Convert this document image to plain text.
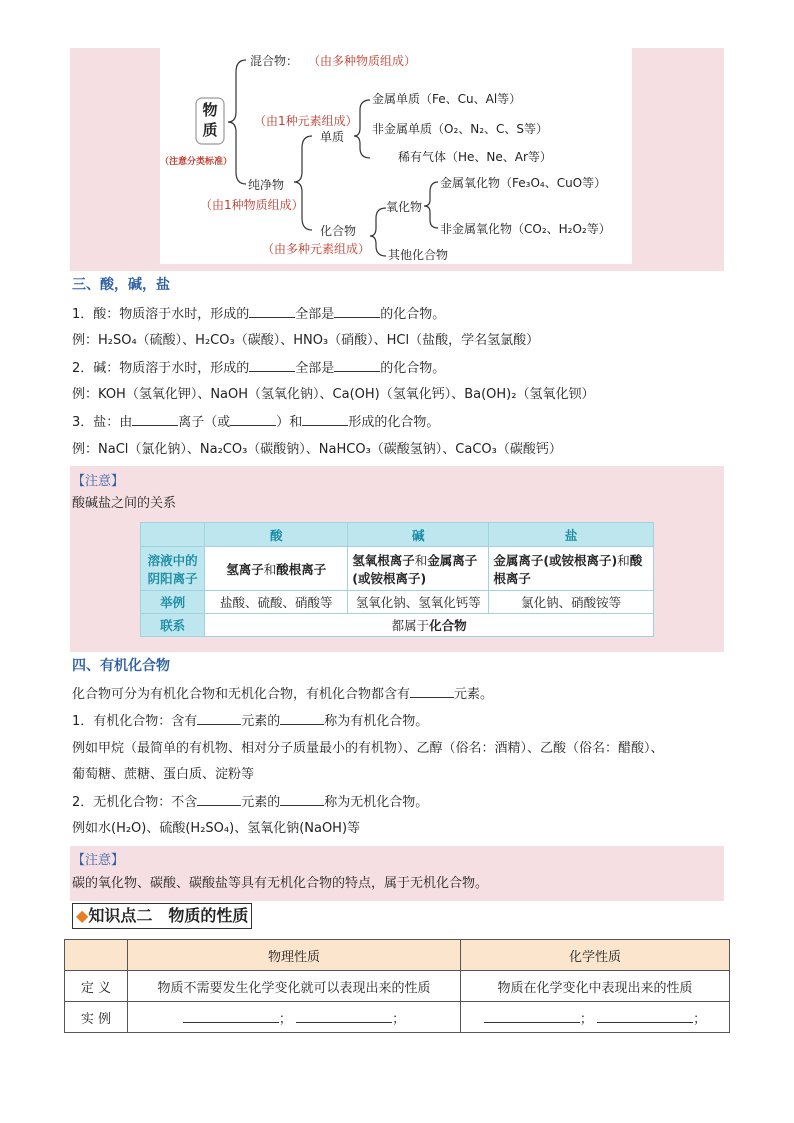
物质
（注意分类标准）
混合物： （由多种物质组成）
纯净物
（由1种物质组成）
（由1种元素组成）
单质
金属单质（Fe、Cu、Al等）
非金属单质（O₂、N₂、C、S等）
稀有气体（He、Ne、Ar等）
化合物
（由多种元素组成）
氧化物
金属氧化物（Fe₃O₄、CuO等）
非金属氧化物（CO₂、H₂O₂等）
其他化合物
三、酸，碱，盐
1．酸：物质溶于水时，形成的	全部是	的化合物。
例：H₂SO₄（硫酸）、H₂CO₃（碳酸）、HNO₃（硝酸）、HCl（盐酸，学名氢氯酸）
2．碱：物质溶于水时，形成的	全部是	的化合物。
例：KOH（氢氧化钾）、NaOH（氢氧化钠）、Ca(OH)（氢氧化钙）、Ba(OH)₂（氢氧化钡）
3．盐：由	离子（或	）和	形成的化合物。
例：NaCl（氯化钠）、Na₂CO₃（碳酸钠）、NaHCO₃（碳酸氢钠）、CaCO₃（碳酸钙）
【注意】
酸碱盐之间的关系
	酸	碱	盐
溶液中的阴阳离子	氢离子和酸根离子	氢氧根离子和金属离子(或铵根离子)	金属离子(或铵根离子)和酸根离子
举例	盐酸、硫酸、硝酸等	氢氧化钠、氢氧化钙等	氯化钠、硝酸铵等
联系	都属于化合物		
四、有机化合物
化合物可分为有机化合物和无机化合物，有机化合物都含有	元素。
1．有机化合物：含有	元素的	称为有机化合物。
例如甲烷（最简单的有机物、相对分子质量最小的有机物）、乙醇（俗名：酒精）、乙酸（俗名：醋酸）、
葡萄糖、蔗糖、蛋白质、淀粉等
2．无机化合物：不含	元素的	称为无机化合物。
例如水(H₂O)、硫酸(H₂SO₄)、氢氧化钠(NaOH)等
【注意】
碳的氧化物、碳酸、碳酸盐等具有无机化合物的特点，属于无机化合物。
◆知识点二　物质的性质
	物理性质	化学性质
定 义	物质不需要发生化学变化就可以表现出来的性质	物质在化学变化中表现出来的性质
实 例	； ；	； ；
